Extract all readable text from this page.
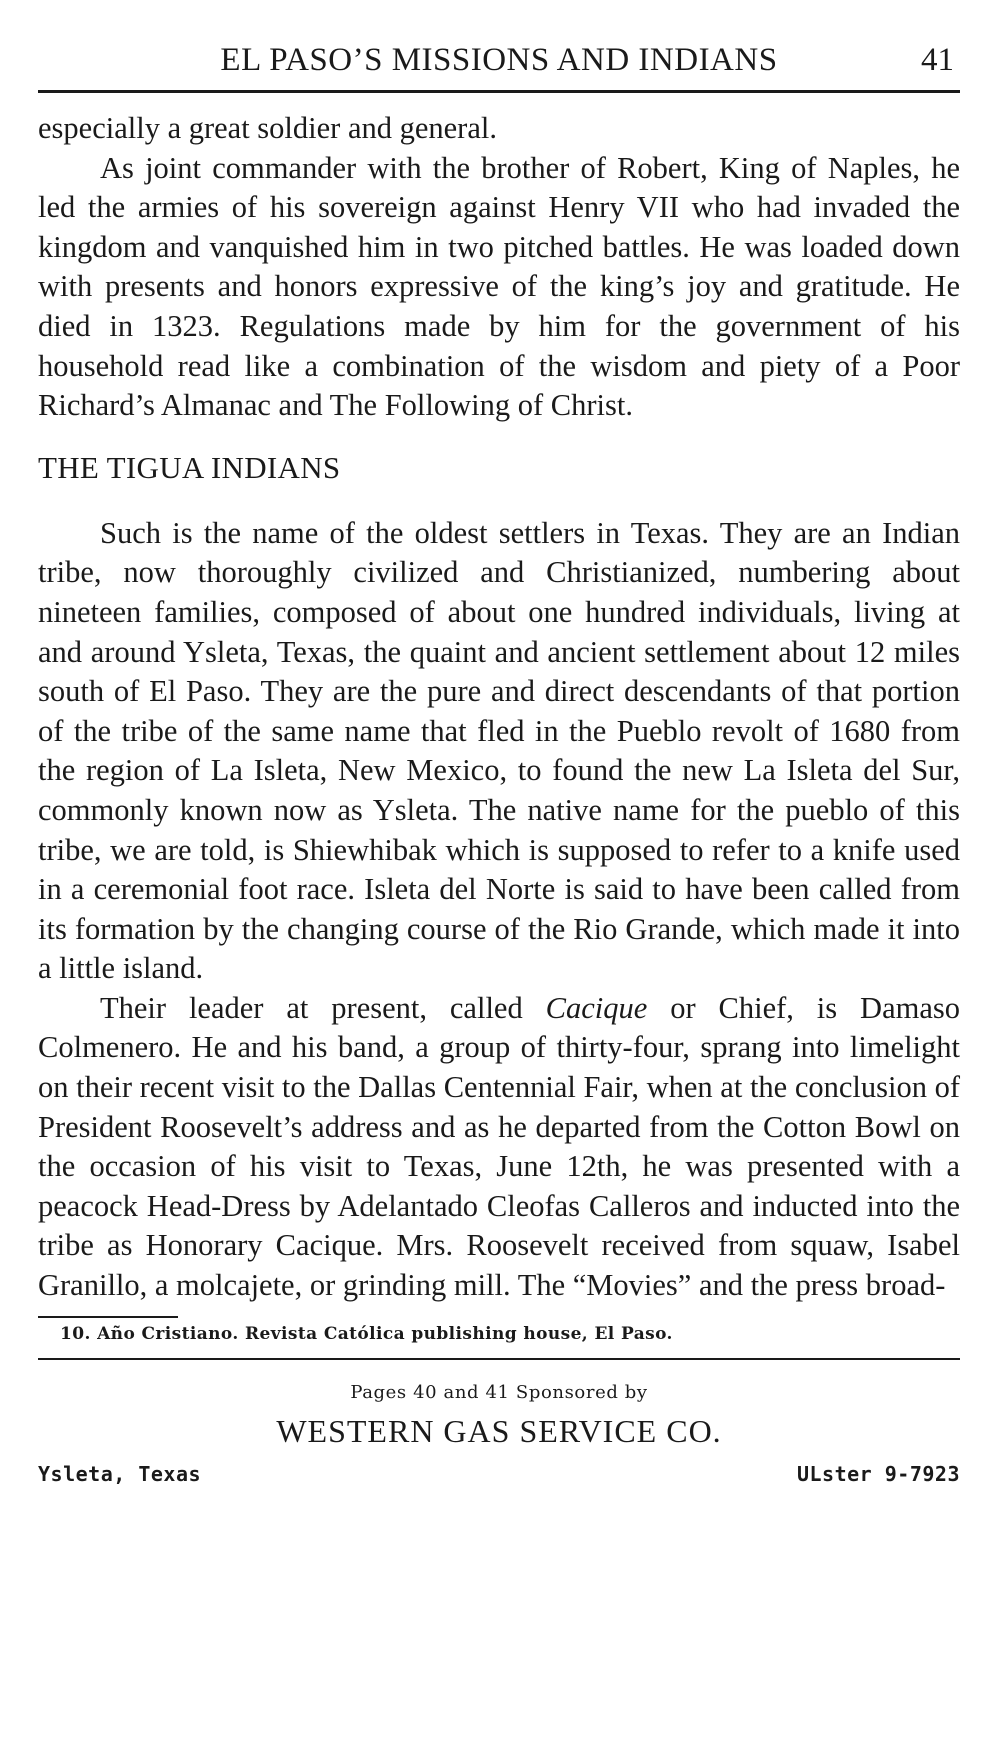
EL PASO’S MISSIONS AND INDIANS	41

especially a great soldier and general.

As joint commander with the brother of Robert, King of Naples, he led the armies of his sovereign against Henry VII who had invaded the kingdom and vanquished him in two pitched battles. He was loaded down with presents and honors expressive of the king’s joy and gratitude. He died in 1323. Regulations made by him for the government of his household read like a combination of the wisdom and piety of a Poor Richard’s Almanac and The Following of Christ.

THE TIGUA INDIANS

Such is the name of the oldest settlers in Texas. They are an Indian tribe, now thoroughly civilized and Christianized, numbering about nineteen families, composed of about one hundred individuals, living at and around Ysleta, Texas, the quaint and ancient settlement about 12 miles south of El Paso. They are the pure and direct descendants of that portion of the tribe of the same name that fled in the Pueblo revolt of 1680 from the region of La Isleta, New Mexico, to found the new La Isleta del Sur, commonly known now as Ysleta. The native name for the pueblo of this tribe, we are told, is Shiewhibak which is supposed to refer to a knife used in a ceremonial foot race. Isleta del Norte is said to have been called from its formation by the changing course of the Rio Grande, which made it into a little island.

Their leader at present, called Cacique or Chief, is Damaso Colmenero. He and his band, a group of thirty-four, sprang into limelight on their recent visit to the Dallas Centennial Fair, when at the conclusion of President Roosevelt’s address and as he departed from the Cotton Bowl on the occasion of his visit to Texas, June 12th, he was presented with a peacock Head-Dress by Adelantado Cleofas Calleros and inducted into the tribe as Honorary Cacique. Mrs. Roosevelt received from squaw, Isabel Granillo, a molcajete, or grinding mill. The “Movies” and the press broad-

10. Año Cristiano. Revista Católica publishing house, El Paso.
Pages 40 and 41 Sponsored by
WESTERN GAS SERVICE CO.
Ysleta, Texas	ULster 9-7923
